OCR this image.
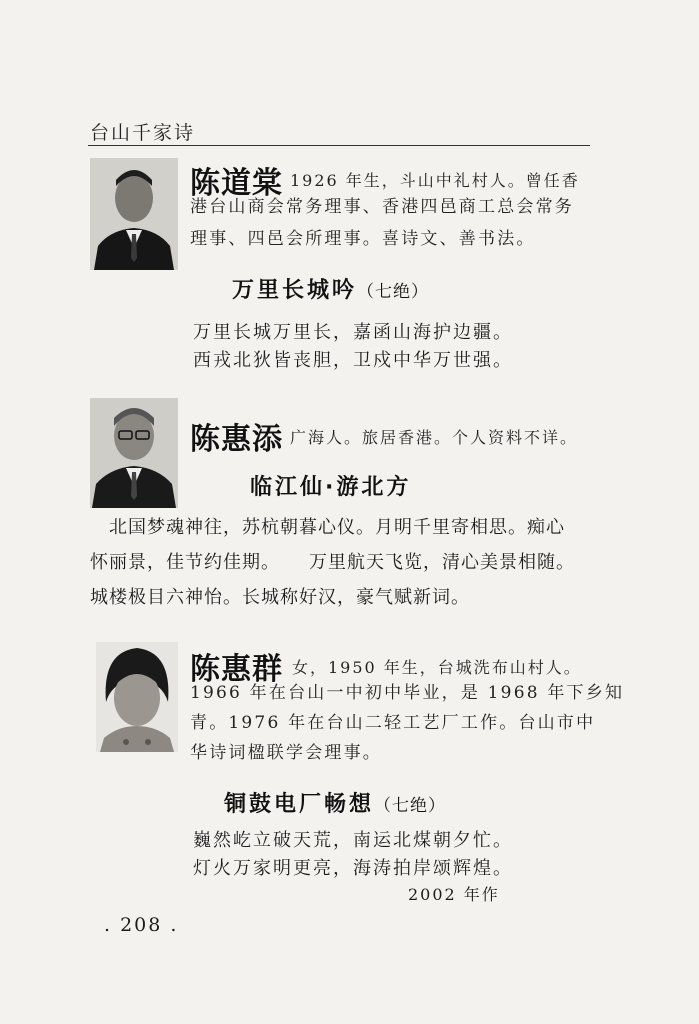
台山千家诗
陈道棠 1926 年生，斗山中礼村人。曾任香
港台山商会常务理事、香港四邑商工总会常务
理事、四邑会所理事。喜诗文、善书法。
万里长城吟（七绝）
万里长城万里长，嘉函山海护边疆。
西戎北狄皆丧胆，卫戍中华万世强。
陈惠添 广海人。旅居香港。个人资料不详。
临江仙·游北方
　北国梦魂神往，苏杭朝暮心仪。月明千里寄相思。痴心
怀丽景，佳节约佳期。　　万里航天飞览，清心美景相随。
城楼极目六神怡。长城称好汉，豪气赋新词。
陈惠群 女，1950 年生，台城洗布山村人。
1966 年在台山一中初中毕业，是 1968 年下乡知
青。1976 年在台山二轻工艺厂工作。台山市中
华诗词楹联学会理事。
铜鼓电厂畅想（七绝）
巍然屹立破天荒，南运北煤朝夕忙。
灯火万家明更亮，海涛拍岸颂辉煌。
2002 年作
. 208 .
